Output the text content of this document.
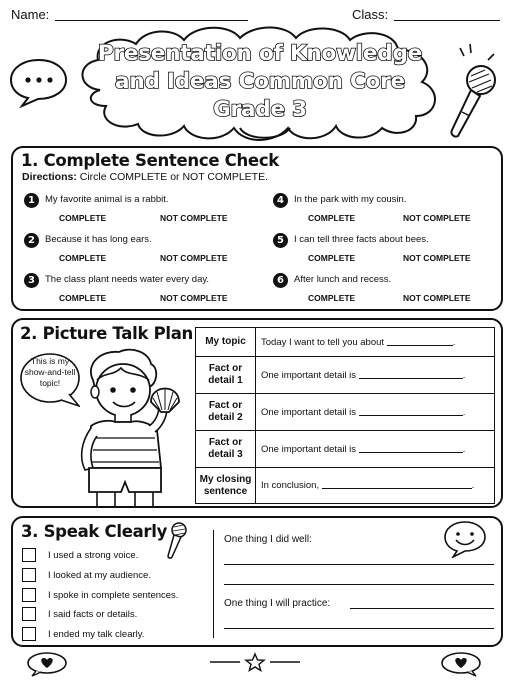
Name:	Class:
Presentation of Knowledge
and Ideas Common Core
Grade 3
1. Complete Sentence Check
Directions: Circle COMPLETE or NOT COMPLETE.
1	My favorite animal is a rabbit.
COMPLETE	NOT COMPLETE
2	Because it has long ears.
COMPLETE	NOT COMPLETE
3	The class plant needs water every day.
COMPLETE	NOT COMPLETE
4	In the park with my cousin.
COMPLETE	NOT COMPLETE
5	I can tell three facts about bees.
COMPLETE	NOT COMPLETE
6	After lunch and recess.
COMPLETE	NOT COMPLETE
2. Picture Talk Plan
This is my show-and-tell topic!
My topic	Today I want to tell you about .
Fact or detail 1	One important detail is .
Fact or detail 2	One important detail is .
Fact or detail 3	One important detail is .
My closing sentence	In conclusion, .
3. Speak Clearly
I used a strong voice.
I looked at my audience.
I spoke in complete sentences.
I said facts or details.
I ended my talk clearly.
One thing I did well:
One thing I will practice:
